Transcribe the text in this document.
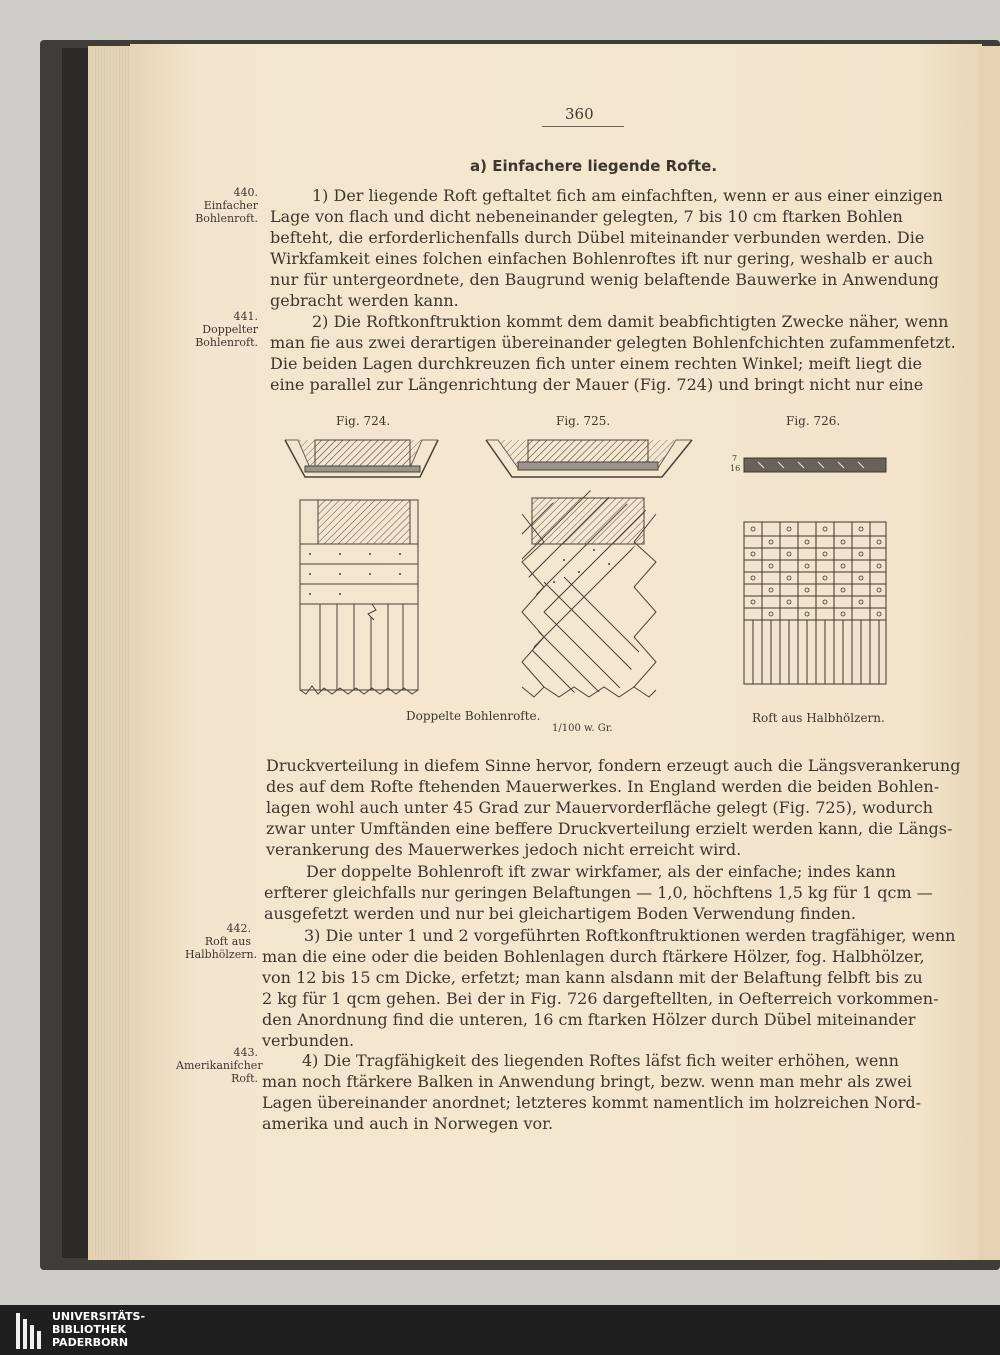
360
a) Einfachere liegende Rofte.
440.
Einfacher
Bohlenroft.
441.
Doppelter
Bohlenroft.
442.
Roft aus
Halbhölzern.
443.
Amerikanifcher
Roft.
1) Der liegende Roft geftaltet fich am einfachften, wenn er aus einer einzigen
Lage von flach und dicht nebeneinander gelegten, 7 bis 10 cm ftarken Bohlen
befteht, die erforderlichenfalls durch Dübel miteinander verbunden werden. Die
Wirkfamkeit eines folchen einfachen Bohlenroftes ift nur gering, weshalb er auch
nur für untergeordnete, den Baugrund wenig belaftende Bauwerke in Anwendung
gebracht werden kann.
2) Die Roftkonftruktion kommt dem damit beabfichtigten Zwecke näher, wenn
man fie aus zwei derartigen übereinander gelegten Bohlenfchichten zufammenfetzt.
Die beiden Lagen durchkreuzen fich unter einem rechten Winkel; meift liegt die
eine parallel zur Längenrichtung der Mauer (Fig. 724) und bringt nicht nur eine
Fig. 724.	Fig. 725.	Fig. 726.
7
16
Doppelte Bohlenrofte.
1/100 w. Gr.
Roft aus Halbhölzern.
Druckverteilung in diefem Sinne hervor, fondern erzeugt auch die Längsverankerung
des auf dem Rofte ftehenden Mauerwerkes. In England werden die beiden Bohlen-
lagen wohl auch unter 45 Grad zur Mauervorderfläche gelegt (Fig. 725), wodurch
zwar unter Umftänden eine beffere Druckverteilung erzielt werden kann, die Längs-
verankerung des Mauerwerkes jedoch nicht erreicht wird.
Der doppelte Bohlenroft ift zwar wirkfamer, als der einfache; indes kann
erfterer gleichfalls nur geringen Belaftungen — 1,0, höchftens 1,5 kg für 1 qcm —
ausgefetzt werden und nur bei gleichartigem Boden Verwendung finden.
3) Die unter 1 und 2 vorgeführten Roftkonftruktionen werden tragfähiger, wenn
man die eine oder die beiden Bohlenlagen durch ftärkere Hölzer, fog. Halbhölzer,
von 12 bis 15 cm Dicke, erfetzt; man kann alsdann mit der Belaftung felbft bis zu
2 kg für 1 qcm gehen. Bei der in Fig. 726 dargeftellten, in Oefterreich vorkommen-
den Anordnung find die unteren, 16 cm ftarken Hölzer durch Dübel miteinander
verbunden.
4) Die Tragfähigkeit des liegenden Roftes läfst fich weiter erhöhen, wenn
man noch ftärkere Balken in Anwendung bringt, bezw. wenn man mehr als zwei
Lagen übereinander anordnet; letzteres kommt namentlich im holzreichen Nord-
amerika und auch in Norwegen vor.
UNIVERSITÄTS-
BIBLIOTHEK
PADERBORN
